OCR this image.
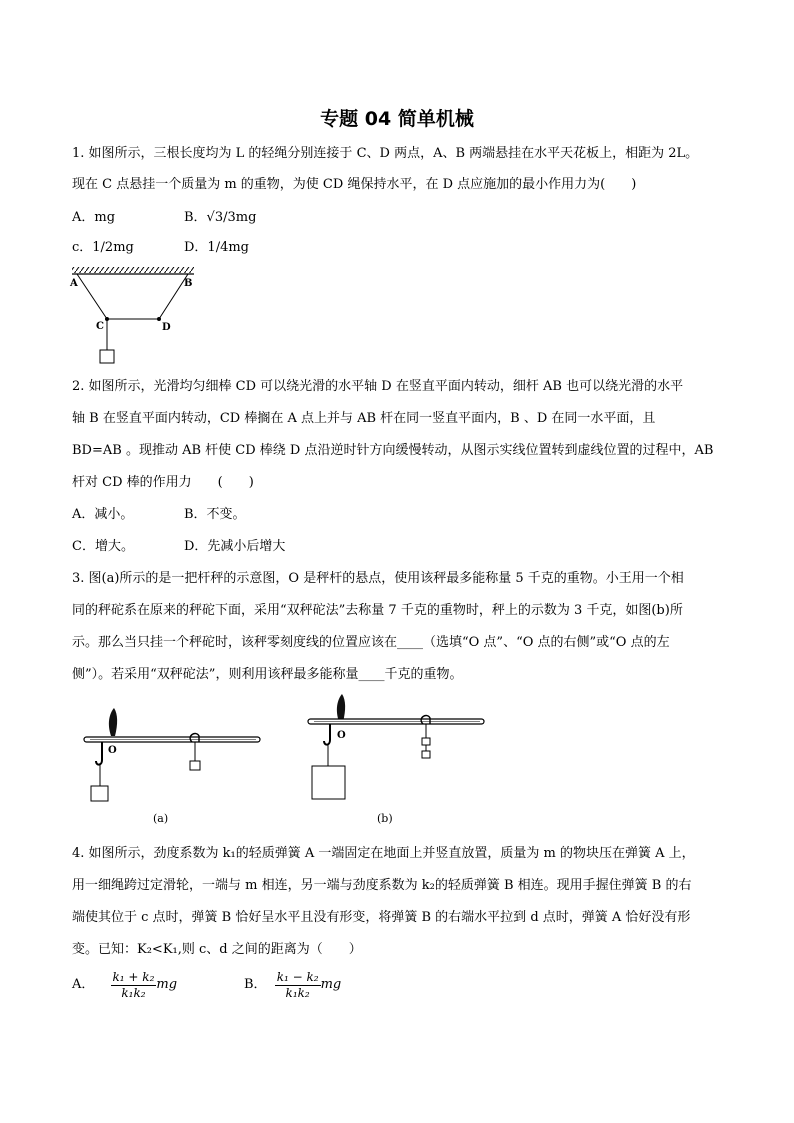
专题 04 简单机械
1. 如图所示，三根长度均为 L 的轻绳分别连接于 C、D 两点，A、B 两端悬挂在水平天花板上，相距为 2L。
现在 C 点悬挂一个质量为 m 的重物，为使 CD 绳保持水平，在 D 点应施加的最小作用力为(　　)
A．mg	B．√3/3mg
c．1/2mg	D．1/4mg
A	B
C	D
2. 如图所示，光滑均匀细棒 CD 可以绕光滑的水平轴 D 在竖直平面内转动，细杆 AB 也可以绕光滑的水平
轴 B 在竖直平面内转动，CD 棒搁在 A 点上并与 AB 杆在同一竖直平面内，B 、D 在同一水平面，且
BD=AB 。现推动 AB 杆使 CD 棒绕 D 点沿逆时针方向缓慢转动，从图示实线位置转到虚线位置的过程中，AB
杆对 CD 棒的作用力　　(　　)
A．减小。	B．不变。
C．增大。	D．先减小后增大
3. 图(a)所示的是一把杆秤的示意图，O 是秤杆的悬点，使用该秤最多能称量 5 千克的重物。小王用一个相
同的秤砣系在原来的秤砣下面，采用“双秤砣法”去称量 7 千克的重物时，秤上的示数为 3 千克，如图(b)所
示。那么当只挂一个秤砣时，该秤零刻度线的位置应该在____（选填“O 点”、“O 点的右侧”或“O 点的左
侧”）。若采用“双秤砣法”，则利用该秤最多能称量____千克的重物。
O
(a)
O
(b)
4. 如图所示，劲度系数为 k₁的轻质弹簧 A 一端固定在地面上并竖直放置，质量为 m 的物块压在弹簧 A 上，
用一细绳跨过定滑轮，一端与 m 相连，另一端与劲度系数为 k₂的轻质弹簧 B 相连。现用手握住弹簧 B 的右
端使其位于 c 点时，弹簧 B 恰好呈水平且没有形变，将弹簧 B 的右端水平拉到 d 点时，弹簧 A 恰好没有形
变。已知：K₂<K₁,则 c、d 之间的距离为（　　）
A． $\frac{\text{k₁ + k₂}}{\text{k₁k₂}}$ mg	B． $\frac{\text{k₁ − k₂}}{\text{k₁k₂}}$ mg
